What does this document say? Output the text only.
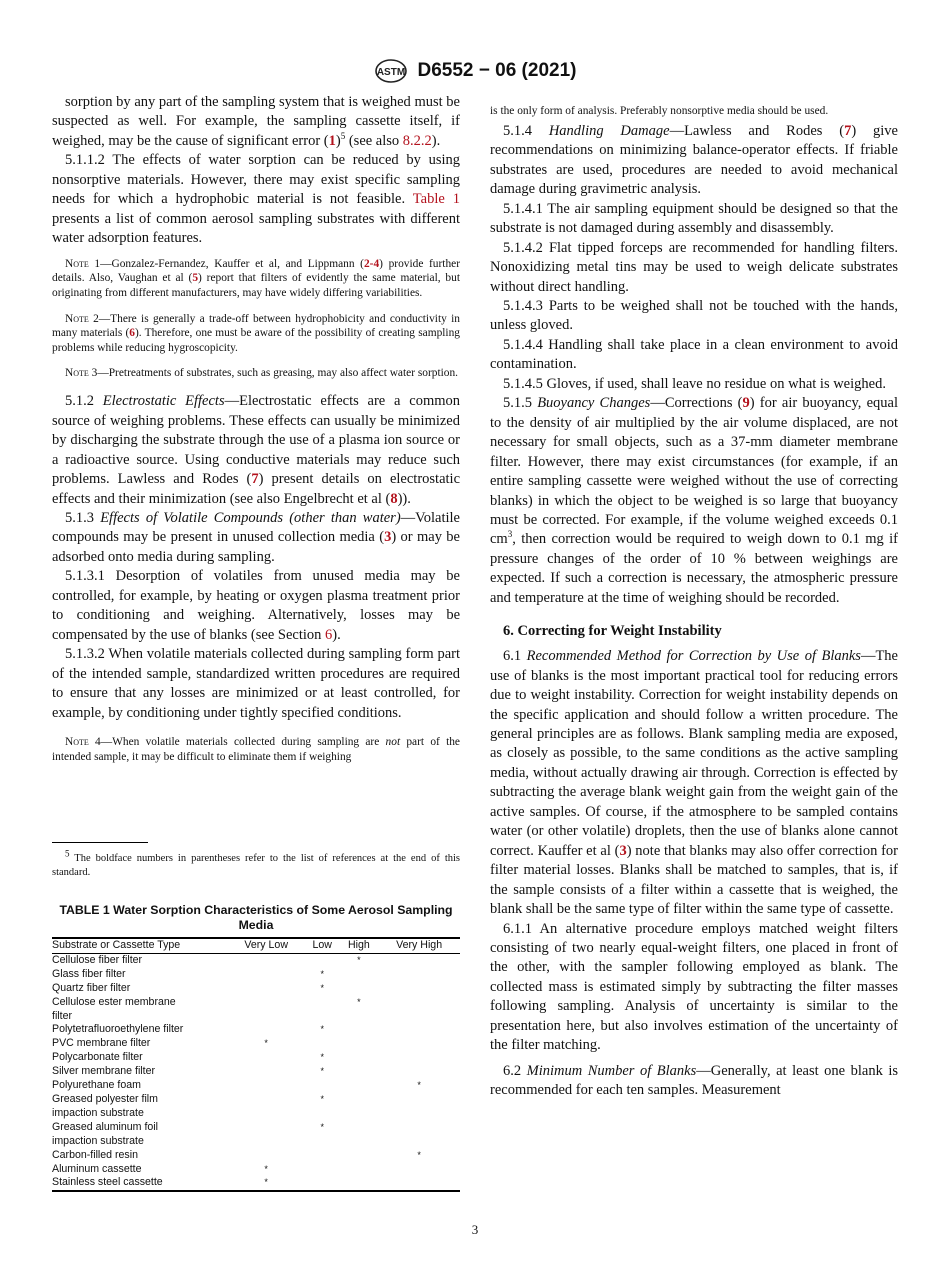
ASTM D6552 − 06 (2021)

sorption by any part of the sampling system that is weighed must be suspected as well. For example, the sampling cassette itself, if weighed, may be the cause of significant error $(1)^5$ (see also 8.2.2).

5.1.1.2 The effects of water sorption can be reduced by using nonsorptive materials. However, there may exist specific sampling needs for which a hydrophobic material is not feasible. Table 1 presents a list of common aerosol sampling substrates with different water adsorption features.

Note 1—Gonzalez-Fernandez, Kauffer et al, and Lippmann (2-4) provide further details. Also, Vaughan et al (5) report that filters of evidently the same material, but originating from different manufacturers, may have widely differing variabilities.

Note 2—There is generally a trade-off between hydrophobicity and conductivity in many materials (6). Therefore, one must be aware of the possibility of creating sampling problems while reducing hygroscopicity.

Note 3—Pretreatments of substrates, such as greasing, may also affect water sorption.

5.1.2 Electrostatic Effects—Electrostatic effects are a common source of weighing problems. These effects can usually be minimized by discharging the substrate through the use of a plasma ion source or a radioactive source. Using conductive materials may reduce such problems. Lawless and Rodes (7) present details on electrostatic effects and their minimization (see also Engelbrecht et al (8)).

5.1.3 Effects of Volatile Compounds (other than water)—Volatile compounds may be present in unused collection media (3) or may be adsorbed onto media during sampling.

5.1.3.1 Desorption of volatiles from unused media may be controlled, for example, by heating or oxygen plasma treatment prior to conditioning and weighing. Alternatively, losses may be compensated by the use of blanks (see Section 6).

5.1.3.2 When volatile materials collected during sampling form part of the intended sample, standardized written procedures are required to ensure that any losses are minimized or at least controlled, for example, by conditioning under tightly specified conditions.

Note 4—When volatile materials collected during sampling are not part of the intended sample, it may be difficult to eliminate them if weighing

is the only form of analysis. Preferably nonsorptive media should be used.

5.1.4 Handling Damage—Lawless and Rodes (7) give recommendations on minimizing balance-operator effects. If friable substrates are used, procedures are needed to avoid mechanical damage during gravimetric analysis.

5.1.4.1 The air sampling equipment should be designed so that the substrate is not damaged during assembly and disassembly.

5.1.4.2 Flat tipped forceps are recommended for handling filters. Nonoxidizing metal tins may be used to weigh delicate substrates without direct handling.

5.1.4.3 Parts to be weighed shall not be touched with the hands, unless gloved.

5.1.4.4 Handling shall take place in a clean environment to avoid contamination.

5.1.4.5 Gloves, if used, shall leave no residue on what is weighed.

5.1.5 Buoyancy Changes—Corrections (9) for air buoyancy, equal to the density of air multiplied by the air volume displaced, are not necessary for small objects, such as a 37-mm diameter membrane filter. However, there may exist circumstances (for example, if an entire sampling cassette were weighed without the use of correcting blanks) in which the object to be weighed is so large that buoyancy must be corrected. For example, if the volume weighed exceeds 0.1 $cm^3$, then correction would be required to weigh down to 0.1 mg if pressure changes of the order of 10 % between weighings are expected. If such a correction is necessary, the atmospheric pressure and temperature at the time of weighing should be recorded.

6. Correcting for Weight Instability

6.1 Recommended Method for Correction by Use of Blanks—The use of blanks is the most important practical tool for reducing errors due to weight instability. Correction for weight instability depends on the specific application and should follow a written procedure. The general principles are as follows. Blank sampling media are exposed, as closely as possible, to the same conditions as the active sampling media, without actually drawing air through. Correction is effected by subtracting the average blank weight gain from the weight gain of the active samples. Of course, if the atmosphere to be sampled contains water (or other volatile) droplets, then the use of blanks alone cannot correct. Kauffer et al (3) note that blanks may also offer correction for filter material losses. Blanks shall be matched to samples, that is, if the sample consists of a filter within a cassette that is weighed, the blank shall be the same type of filter within the same type of cassette.

6.1.1 An alternative procedure employs matched weight filters consisting of two nearly equal-weight filters, one placed in front of the other, with the sampler following employed as blank. The collected mass is estimated simply by subtracting the filter masses following sampling. Analysis of uncertainty is similar to the presentation here, but also involves estimation of the uncertainty of the filter matching.

6.2 Minimum Number of Blanks—Generally, at least one blank is recommended for each ten samples. Measurement

$^5$ The boldface numbers in parentheses refer to the list of references at the end of this standard.
TABLE 1 Water Sorption Characteristics of Some Aerosol Sampling Media
Substrate or Cassette Type	Very Low	Low	High	Very High
Cellulose fiber filter			*	
Glass fiber filter		*		
Quartz fiber filter		*		
Cellulose ester membrane filter			*	
Polytetrafluoroethylene filter		*		
PVC membrane filter	*			
Polycarbonate filter		*		
Silver membrane filter		*		
Polyurethane foam				*
Greased polyester film impaction substrate		*		
Greased aluminum foil impaction substrate		*		
Carbon-filled resin				*
Aluminum cassette	*			
Stainless steel cassette	*			
3
